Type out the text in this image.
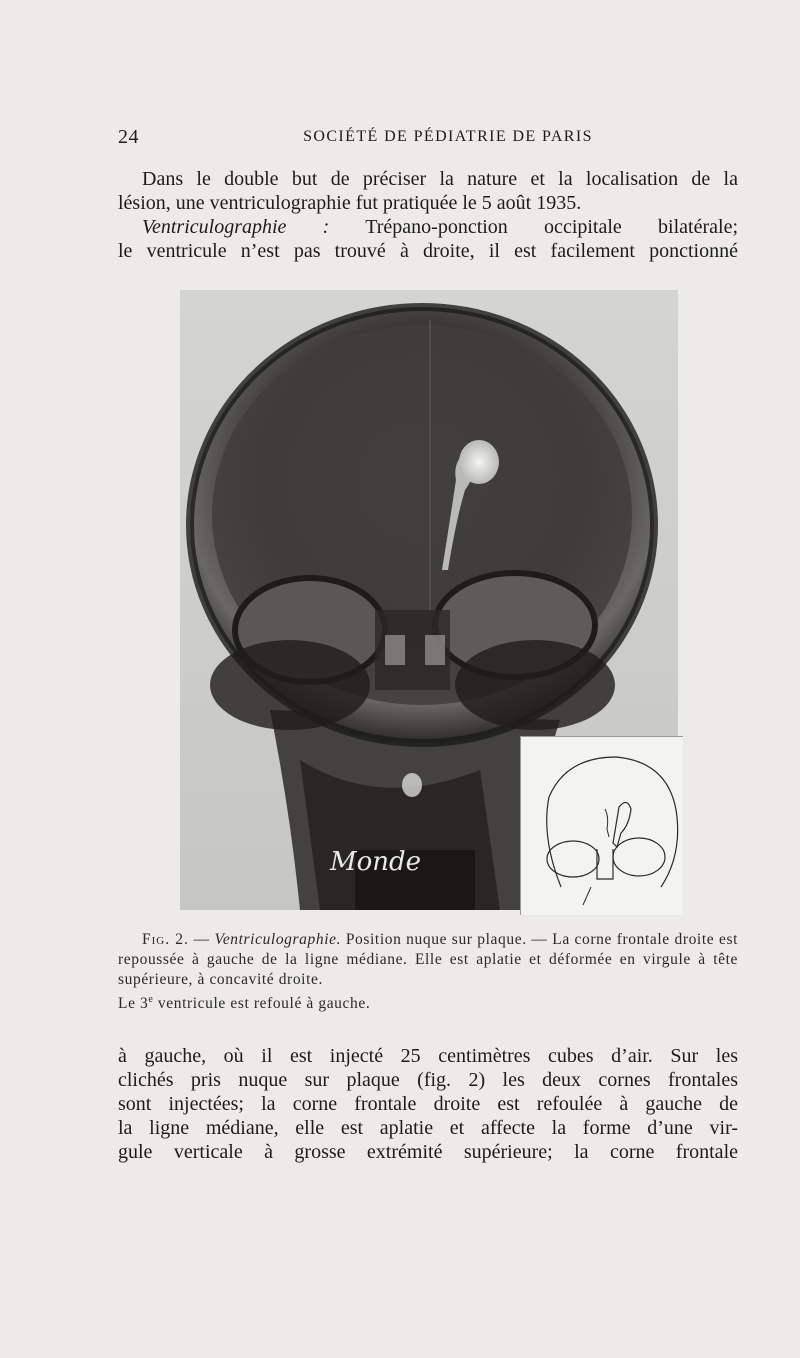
24	SOCIÉTÉ DE PÉDIATRIE DE PARIS

Dans le double but de préciser la nature et la localisation de la

lésion, une ventriculographie fut pratiquée le 5 août 1935.

Ventriculographie : Trépano-ponction occipitale bilatérale;

le ventricule n’est pas trouvé à droite, il est facilement ponctionné

Monde

Fig. 2. — Ventriculographie. Position nuque sur plaque. — La corne frontale droite est repoussée à gauche de la ligne médiane. Elle est aplatie et déformée en virgule à tête supérieure, à concavité droite.

Le 3e ventricule est refoulé à gauche.

à gauche, où il est injecté 25 centimètres cubes d’air. Sur les

clichés pris nuque sur plaque (fig. 2) les deux cornes frontales

sont injectées; la corne frontale droite est refoulée à gauche de

la ligne médiane, elle est aplatie et affecte la forme d’une vir-

gule verticale à grosse extrémité supérieure; la corne frontale
